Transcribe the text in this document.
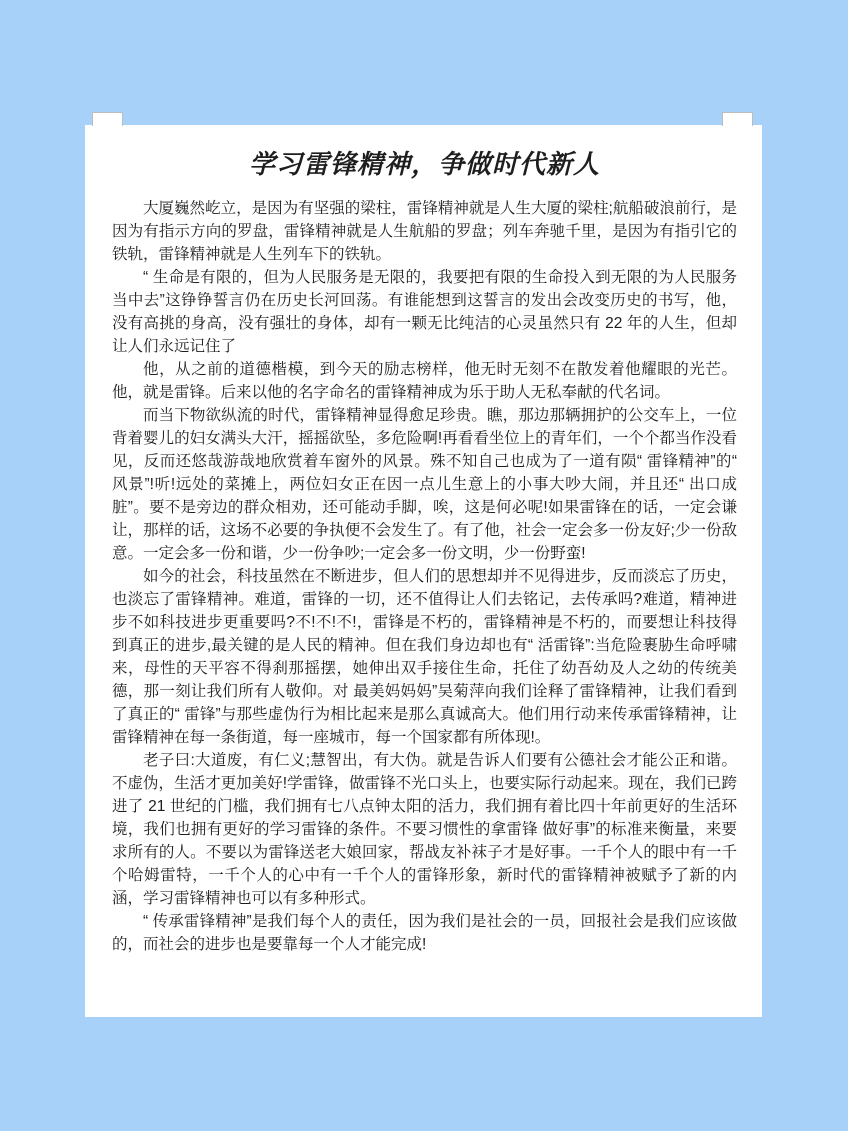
学习雷锋精神，争做时代新人

大厦巍然屹立，是因为有坚强的梁柱，雷锋精神就是人生大厦的梁柱;航船破浪前行，是因为有指示方向的罗盘，雷锋精神就是人生航船的罗盘；列车奔驰千里，是因为有指引它的铁轨，雷锋精神就是人生列车下的铁轨。

“ 生命是有限的，但为人民服务是无限的，我要把有限的生命投入到无限的为人民服务当中去”这铮铮誓言仍在历史长河回荡。有谁能想到这誓言的发出会改变历史的书写，他，没有高挑的身高，没有强壮的身体，却有一颗无比纯洁的心灵虽然只有 22 年的人生，但却让人们永远记住了

他，从之前的道德楷模，到今天的励志榜样，他无时无刻不在散发着他耀眼的光芒。他，就是雷锋。后来以他的名字命名的雷锋精神成为乐于助人无私奉献的代名词。

而当下物欲纵流的时代，雷锋精神显得愈足珍贵。瞧，那边那辆拥护的公交车上，一位背着婴儿的妇女满头大汗，摇摇欲坠，多危险啊!再看看坐位上的青年们，一个个都当作没看见，反而还悠哉游哉地欣赏着车窗外的风景。殊不知自己也成为了一道有陨“ 雷锋精神”的“ 风景”!听!远处的菜摊上，两位妇女正在因一点儿生意上的小事大吵大闹，并且还“ 出口成脏”。要不是旁边的群众相劝，还可能动手脚，唉，这是何必呢!如果雷锋在的话，一定会谦让，那样的话，这场不必要的争执便不会发生了。有了他，社会一定会多一份友好;少一份敌意。一定会多一份和谐，少一份争吵;一定会多一份文明，少一份野蛮!

如今的社会，科技虽然在不断进步，但人们的思想却并不见得进步，反而淡忘了历史，也淡忘了雷锋精神。难道，雷锋的一切，还不值得让人们去铭记，去传承吗?难道，精神进步不如科技进步更重要吗?不!不!不!，雷锋是不朽的，雷锋精神是不朽的，而要想让科技得到真正的进步,最关键的是人民的精神。但在我们身边却也有“ 活雷锋”:当危险裹胁生命呼啸来，母性的天平容不得刹那摇摆，她伸出双手接住生命，托住了幼吾幼及人之幼的传统美德，那一刻让我们所有人敬仰。对 最美妈妈妈”吴菊萍向我们诠释了雷锋精神，让我们看到了真正的“ 雷锋”与那些虚伪行为相比起来是那么真诚高大。他们用行动来传承雷锋精神，让雷锋精神在每一条街道，每一座城市，每一个国家都有所体现!。

老子曰:大道废，有仁义;慧智出，有大伪。就是告诉人们要有公德社会才能公正和谐。不虚伪，生活才更加美好!学雷锋，做雷锋不光口头上，也要实际行动起来。现在，我们已跨进了 21 世纪的门槛，我们拥有七八点钟太阳的活力，我们拥有着比四十年前更好的生活环境，我们也拥有更好的学习雷锋的条件。不要习惯性的拿雷锋 做好事”的标准来衡量，来要求所有的人。不要以为雷锋送老大娘回家，帮战友补袜子才是好事。一千个人的眼中有一千个哈姆雷特，一千个人的心中有一千个人的雷锋形象，新时代的雷锋精神被赋予了新的内涵，学习雷锋精神也可以有多种形式。

“ 传承雷锋精神”是我们每个人的责任，因为我们是社会的一员，回报社会是我们应该做的，而社会的进步也是要靠每一个人才能完成!
